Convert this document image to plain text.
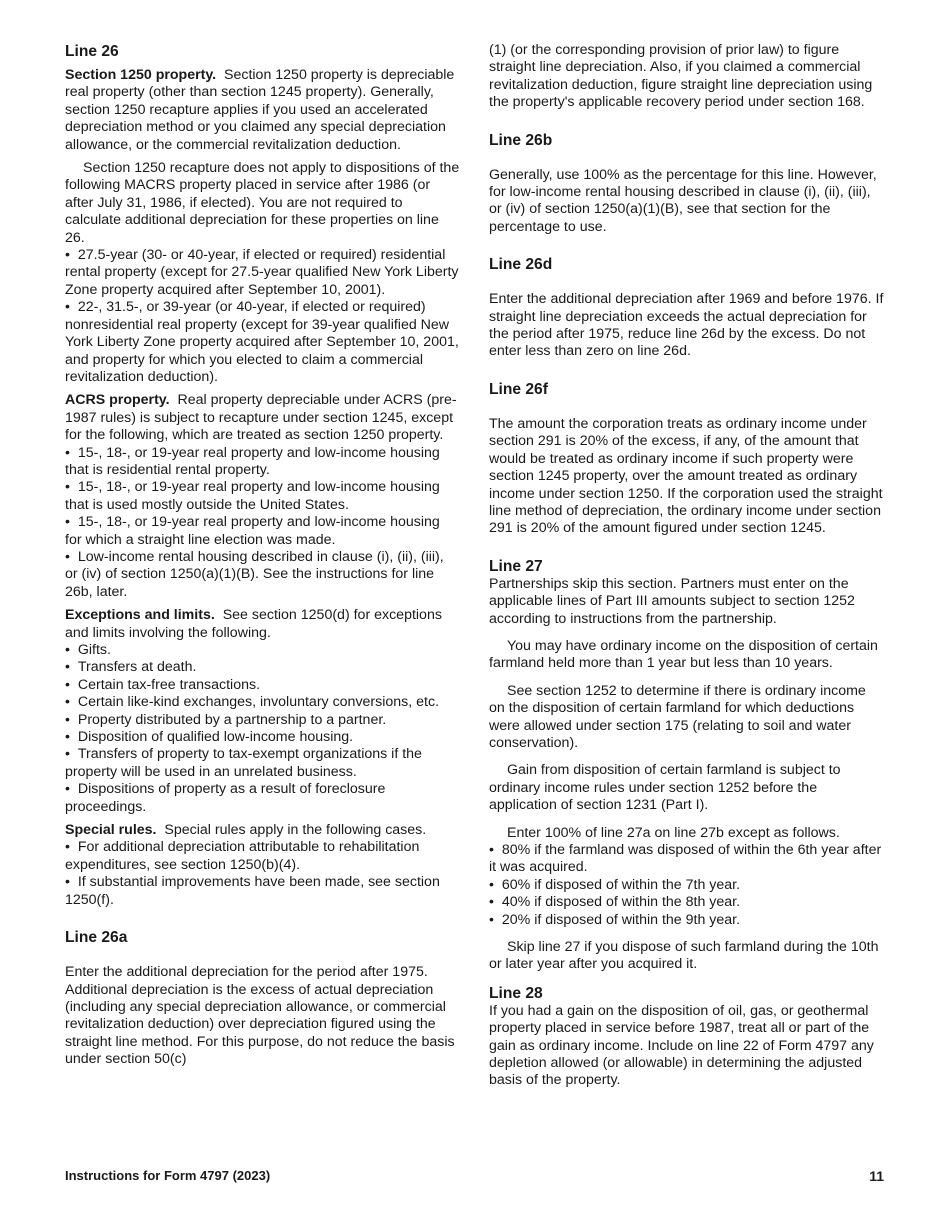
Line 26

Section 1250 property. Section 1250 property is depreciable real property (other than section 1245 property). Generally, section 1250 recapture applies if you used an accelerated depreciation method or you claimed any special depreciation allowance, or the commercial revitalization deduction.

Section 1250 recapture does not apply to dispositions of the following MACRS property placed in service after 1986 (or after July 31, 1986, if elected). You are not required to calculate additional depreciation for these properties on line 26.

•  27.5-year (30- or 40-year, if elected or required) residential rental property (except for 27.5-year qualified New York Liberty Zone property acquired after September 10, 2001).
•  22-, 31.5-, or 39-year (or 40-year, if elected or required) nonresidential real property (except for 39-year qualified New York Liberty Zone property acquired after September 10, 2001, and property for which you elected to claim a commercial revitalization deduction).

ACRS property. Real property depreciable under ACRS (pre-1987 rules) is subject to recapture under section 1245, except for the following, which are treated as section 1250 property.

•  15-, 18-, or 19-year real property and low-income housing that is residential rental property.
•  15-, 18-, or 19-year real property and low-income housing that is used mostly outside the United States.
•  15-, 18-, or 19-year real property and low-income housing for which a straight line election was made.
•  Low-income rental housing described in clause (i), (ii), (iii), or (iv) of section 1250(a)(1)(B). See the instructions for line 26b, later.

Exceptions and limits. See section 1250(d) for exceptions and limits involving the following.

•  Gifts.
•  Transfers at death.
•  Certain tax-free transactions.
•  Certain like-kind exchanges, involuntary conversions, etc.
•  Property distributed by a partnership to a partner.
•  Disposition of qualified low-income housing.
•  Transfers of property to tax-exempt organizations if the property will be used in an unrelated business.
•  Dispositions of property as a result of foreclosure proceedings.

Special rules. Special rules apply in the following cases.

•  For additional depreciation attributable to rehabilitation expenditures, see section 1250(b)(4).
•  If substantial improvements have been made, see section 1250(f).
Line 26a

Enter the additional depreciation for the period after 1975. Additional depreciation is the excess of actual depreciation (including any special depreciation allowance, or commercial revitalization deduction) over depreciation figured using the straight line method. For this purpose, do not reduce the basis under section 50(c)

(1) (or the corresponding provision of prior law) to figure straight line depreciation. Also, if you claimed a commercial revitalization deduction, figure straight line depreciation using the property's applicable recovery period under section 168.

Line 26b

Generally, use 100% as the percentage for this line. However, for low-income rental housing described in clause (i), (ii), (iii), or (iv) of section 1250(a)(1)(B), see that section for the percentage to use.

Line 26d

Enter the additional depreciation after 1969 and before 1976. If straight line depreciation exceeds the actual depreciation for the period after 1975, reduce line 26d by the excess. Do not enter less than zero on line 26d.

Line 26f

The amount the corporation treats as ordinary income under section 291 is 20% of the excess, if any, of the amount that would be treated as ordinary income if such property were section 1245 property, over the amount treated as ordinary income under section 1250. If the corporation used the straight line method of depreciation, the ordinary income under section 291 is 20% of the amount figured under section 1245.

Line 27

Partnerships skip this section. Partners must enter on the applicable lines of Part III amounts subject to section 1252 according to instructions from the partnership.

You may have ordinary income on the disposition of certain farmland held more than 1 year but less than 10 years.

See section 1252 to determine if there is ordinary income on the disposition of certain farmland for which deductions were allowed under section 175 (relating to soil and water conservation).

Gain from disposition of certain farmland is subject to ordinary income rules under section 1252 before the application of section 1231 (Part I).

Enter 100% of line 27a on line 27b except as follows.

•  80% if the farmland was disposed of within the 6th year after it was acquired.
•  60% if disposed of within the 7th year.
•  40% if disposed of within the 8th year.
•  20% if disposed of within the 9th year.

Skip line 27 if you dispose of such farmland during the 10th or later year after you acquired it.

Line 28

If you had a gain on the disposition of oil, gas, or geothermal property placed in service before 1987, treat all or part of the gain as ordinary income. Include on line 22 of Form 4797 any depletion allowed (or allowable) in determining the adjusted basis of the property.

Instructions for Form 4797 (2023)	11
